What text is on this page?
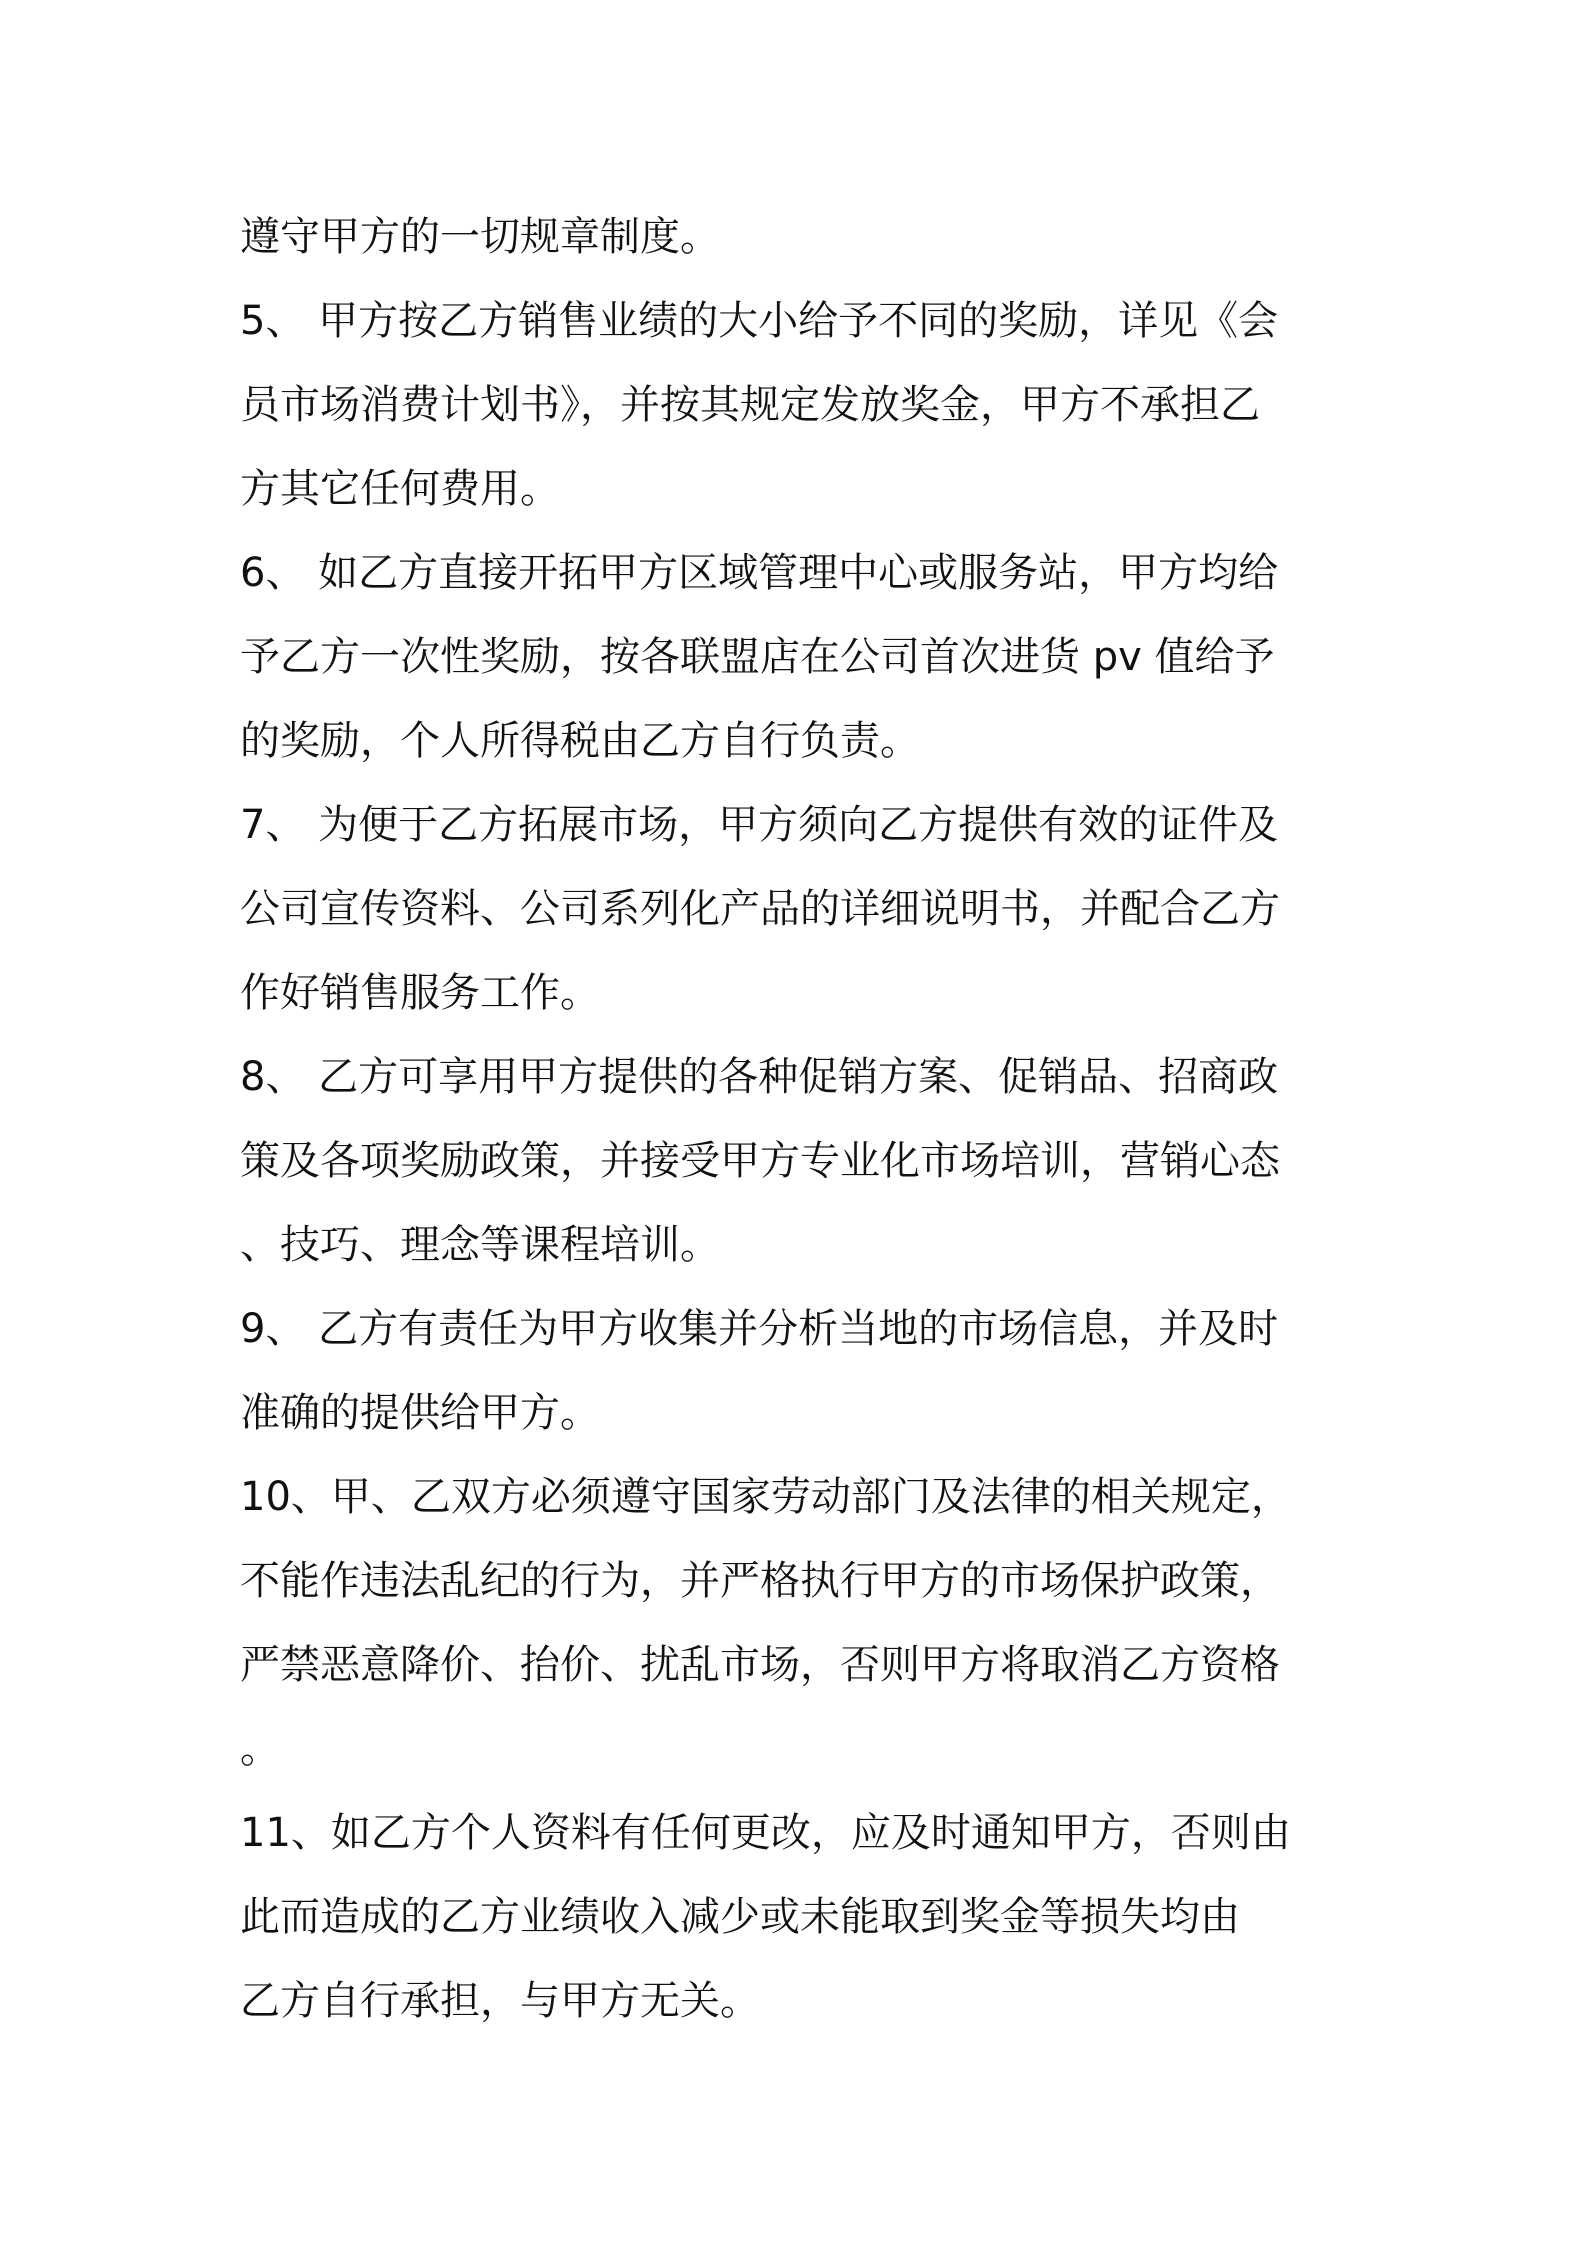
遵守甲方的一切规章制度。
5、 甲方按乙方销售业绩的大小给予不同的奖励，详见《会
员市场消费计划书》，并按其规定发放奖金，甲方不承担乙
方其它任何费用。
6、 如乙方直接开拓甲方区域管理中心或服务站，甲方均给
予乙方一次性奖励，按各联盟店在公司首次进货 pv 值给予
的奖励，个人所得税由乙方自行负责。
7、 为便于乙方拓展市场，甲方须向乙方提供有效的证件及
公司宣传资料、公司系列化产品的详细说明书，并配合乙方
作好销售服务工作。
8、 乙方可享用甲方提供的各种促销方案、促销品、招商政
策及各项奖励政策，并接受甲方专业化市场培训，营销心态
、技巧、理念等课程培训。
9、 乙方有责任为甲方收集并分析当地的市场信息，并及时
准确的提供给甲方。
10、甲、乙双方必须遵守国家劳动部门及法律的相关规定，
不能作违法乱纪的行为，并严格执行甲方的市场保护政策，
严禁恶意降价、抬价、扰乱市场，否则甲方将取消乙方资格
。
11、如乙方个人资料有任何更改，应及时通知甲方，否则由
此而造成的乙方业绩收入减少或未能取到奖金等损失均由
乙方自行承担，与甲方无关。
